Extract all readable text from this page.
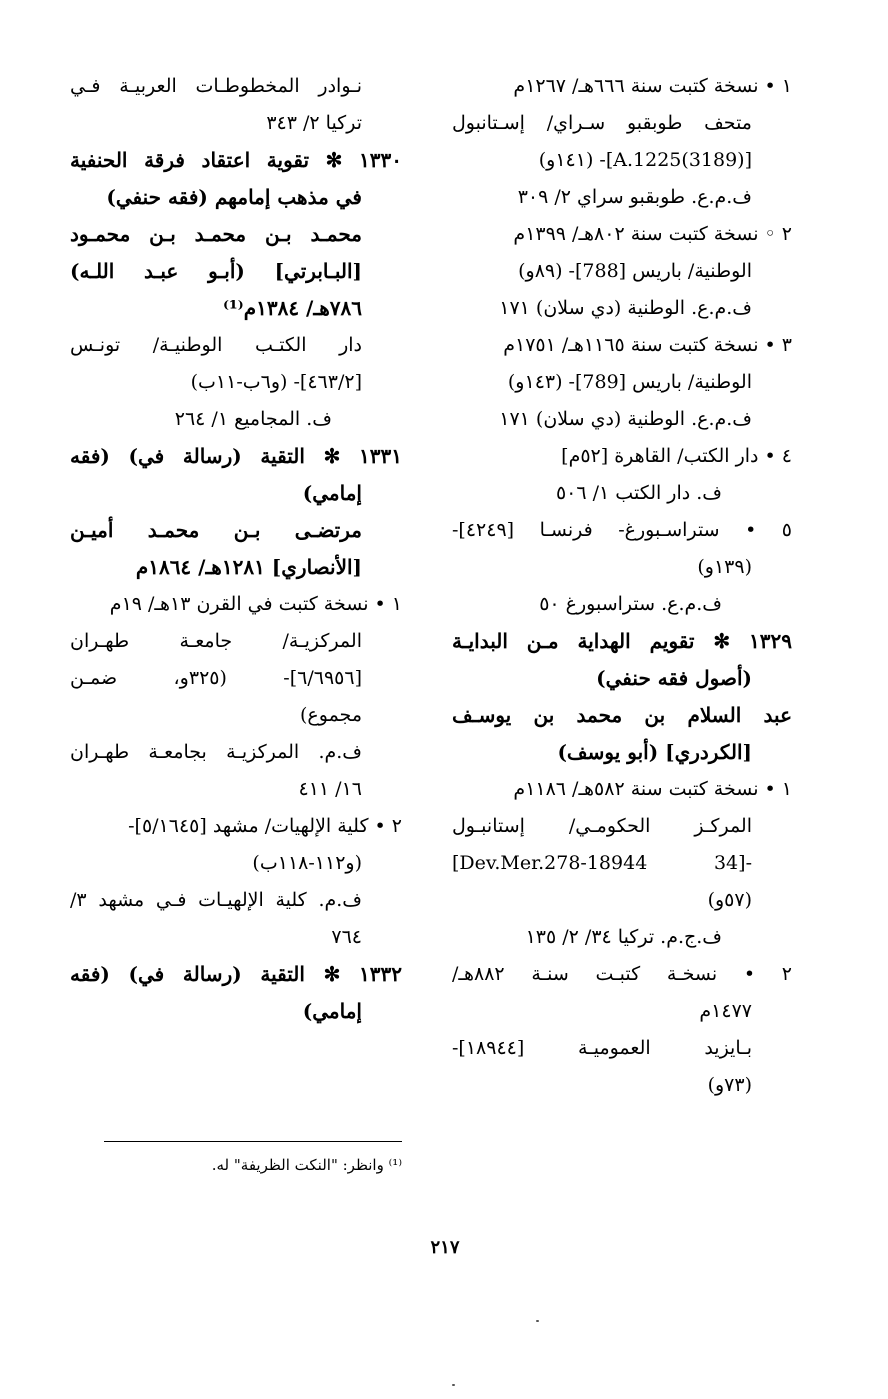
١ • نسخة كتبت سنة ٦٦٦هـ/ ١٢٦٧م
متحف طوبقبو سـراي/ إسـتانبول
[(3189)A.1225]- (١٤١و)
ف.م.ع. طوبقبو سراي ٢/ ٣٠٩
٢ ◦ نسخة كتبت سنة ٨٠٢هـ/ ١٣٩٩م
الوطنية/ باريس [788]- (٨٩و)
ف.م.ع. الوطنية (دي سلان) ١٧١
٣ • نسخة كتبت سنة ١١٦٥هـ/ ١٧٥١م
الوطنية/ باريس [789]- (١٤٣و)
ف.م.ع. الوطنية (دي سلان) ١٧١
٤ • دار الكتب/ القاهرة [٥٢م]
ف. دار الكتب ١/ ٥٠٦
٥ • ستراسـبورغ- فرنسـا [٤٢٤٩]-
(١٣٩و)
ف.م.ع. ستراسبورغ ٥٠
١٣٢٩ ✻ تقويم الهداية مـن البدايـة
(أصول فقه حنفي)
عبد السلام بن محمد بن يوسـف
[الكردري] (أبو يوسف)
١ • نسخة كتبت سنة ٥٨٢هـ/ ١١٨٦م
المركـز الحكومـي/ إستانبـول
-[34 Dev.Mer.278-18944]
(٥٧و)
ف.ج.م. تركيا ٣٤/ ٢/ ١٣٥
٢ • نسخـة كتبـت سنـة ٨٨٢هـ/
١٤٧٧م
بـايزيد العموميـة [١٨٩٤٤]-
(٧٣و)
نـوادر المخطوطـات العربيـة فـي
تركيا ٢/ ٣٤٣
١٣٣٠ ✻ تقوية اعتقاد فرقة الحنفية
في مذهب إمامهم (فقه حنفي)
محمـد بـن محمـد بـن محمـود
[البـابرتي] (أبـو عبـد اللـه)
٧٨٦هـ/ ١٣٨٤م⁽¹⁾
دار الكتـب الوطنيـة/ تونـس
[٤٦٣/٢]- (و٦ب-١١ب)
ف. المجاميع ١/ ٢٦٤
١٣٣١ ✻ التقية (رسالة في) (فقه
إمامي)
مرتضـى بـن محمـد أميـن
[الأنصاري] ١٢٨١هـ/ ١٨٦٤م
١ • نسخة كتبت في القرن ١٣هـ/ ١٩م
المركزيـة/ جامعـة طهـران
[٦/٦٩٥٦]- (٣٢٥و، ضمـن
مجموع)
ف.م. المركزيـة بجامعـة طهـران
١٦/ ٤١١
٢ • كلية الإلهيات/ مشهد [٥/١٦٤٥]-
(و١١٢-١١٨ب)
ف.م. كلية الإلهيـات فـي مشهد ٣/
٧٦٤
١٣٣٢ ✻ التقية (رسالة في) (فقه
إمامي)
⁽¹⁾ وانظر: "النكت الظريفة" له.
٢١٧
